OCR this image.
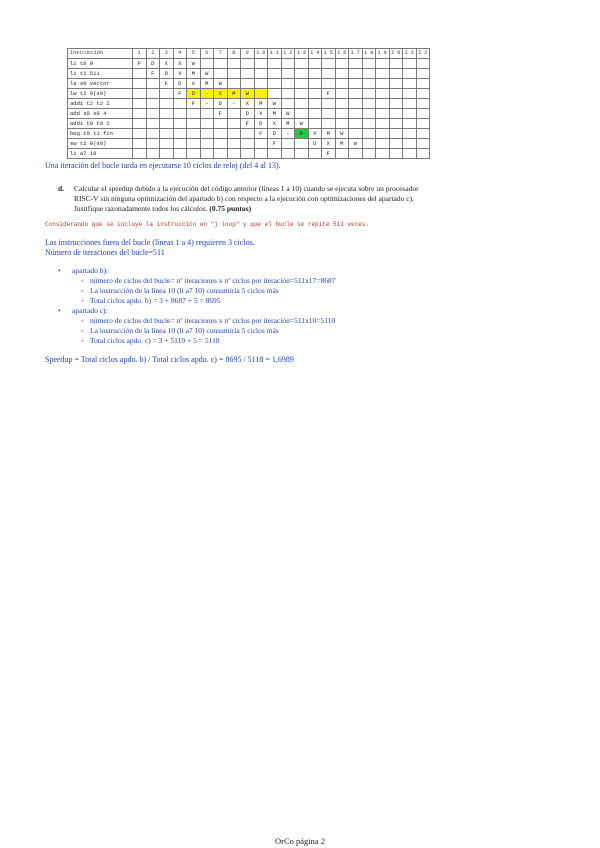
Instrucción	1	2	3	4	5	6	7	8	9	1 0	1 1	1 2	1 3	1 4	1 5	1 6	1 7	1 8	1 9	2 0	2 1	2 2
li t0 0	F	D	X	X	W																	
li t1 511		F	D	X	M	W																
la s0 vector			F	D	X	M	W															
lw t2 0(s0)				F	D	-	X	M	W						F							
addi t2 t2 2					F	-	D	-	X	M	W											
add s0 s0 4							F		D	X	M	W										
addi t0 t0 1									F	D	X	M	W									
beq t0 t1 fin										F	D	-	D	X	M	W						
sw t2 0(s0)											F			D	X	M	W					
li a7 10															F							

Una iteración del bucle tarda en ejecutarse 10 ciclos de reloj (del 4 al 13).

d. Calcular el speedup debido a la ejecución del código anterior (líneas 1 a 10) cuando se ejecuta sobre un procesador RISC-V sin ninguna optimización del apartado b) con respecto a la ejecución con optimizaciones del apartado c). Justifique razonadamente todos los cálculos. (0.75 puntos)

Considerando que se incluye la instrucción en "j loop" y que el bucle se repite 511 veces.

Las instrucciones fuera del bucle (líneas 1 a 4) requieren 3 ciclos.

Número de iteraciones del bucle=511

• apartado b):
◦ número de ciclos del bucle= nº iteraciones x nº ciclos por iteración=511x17=8687
◦ La instrucción de la línea 10 (li a7 10) consumiría 5 ciclos más
◦ Total ciclos apdo. b) = 3 + 8687 + 5 = 8695
• apartado c):
◦ número de ciclos del bucle= nº iteraciones x nº ciclos por iteración=511x10=5110
◦ La instrucción de la línea 10 (li a7 10) consumiría 5 ciclos más
◦ Total ciclos apdo. c) = 3 + 5110 + 5 = 5118

Speedup = Total ciclos apdo. b) / Total ciclos apdo. c) = 8695 / 5118 = 1,6989

OrCo página 2
